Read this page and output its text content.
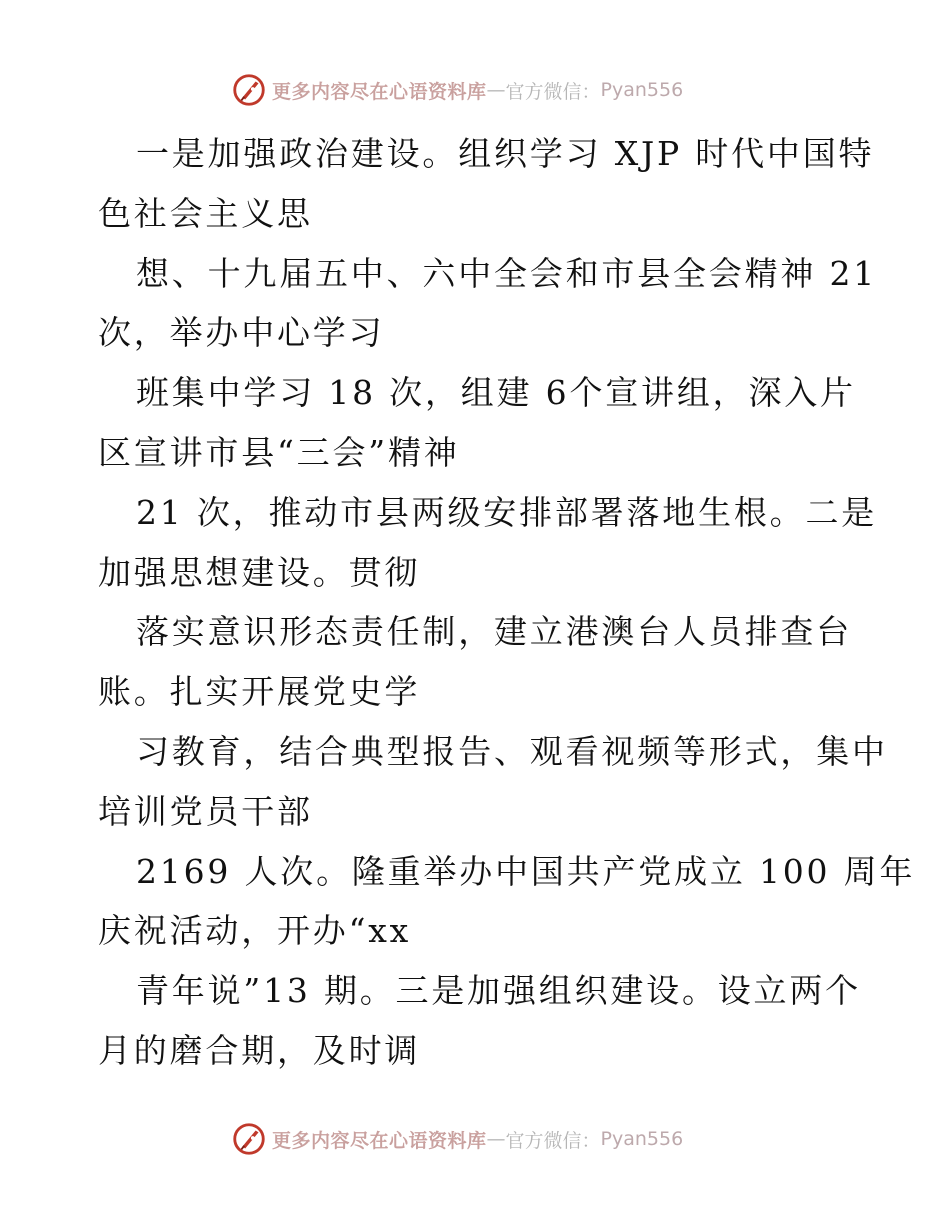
更多内容尽在心语资料库 — 官方微信： Pyan556
一是加强政治建设。组织学习 XJP 时代中国特
色社会主义思
想、十九届五中、六中全会和市县全会精神 21
次，举办中心学习
班集中学习 18 次，组建 6个宣讲组，深入片
区宣讲市县“三会”精神
21 次，推动市县两级安排部署落地生根。二是
加强思想建设。贯彻
落实意识形态责任制，建立港澳台人员排查台
账。扎实开展党史学
习教育，结合典型报告、观看视频等形式，集中
培训党员干部
2169 人次。隆重举办中国共产党成立 100 周年
庆祝活动，开办“xx
青年说”13 期。三是加强组织建设。设立两个
月的磨合期，及时调
更多内容尽在心语资料库 — 官方微信： Pyan556
